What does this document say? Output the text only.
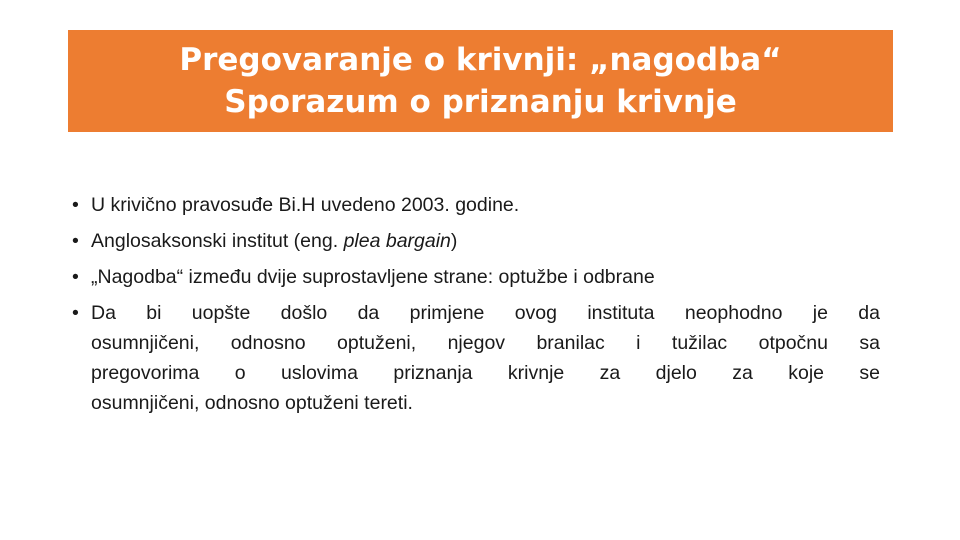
Pregovaranje o krivnji: „nagodba“
Sporazum o priznanju krivnje
• U krivično pravosuđe Bi.H uvedeno 2003. godine.
• Anglosaksonski institut (eng. plea bargain)
• „Nagodba“ između dvije suprostavljene strane: optužbe i odbrane
• Da bi uopšte došlo da primjene ovog instituta neophodno je da
osumnjičeni, odnosno optuženi, njegov branilac i tužilac otpočnu sa
pregovorima o uslovima priznanja krivnje za djelo za koje se
osumnjičeni, odnosno optuženi tereti.
